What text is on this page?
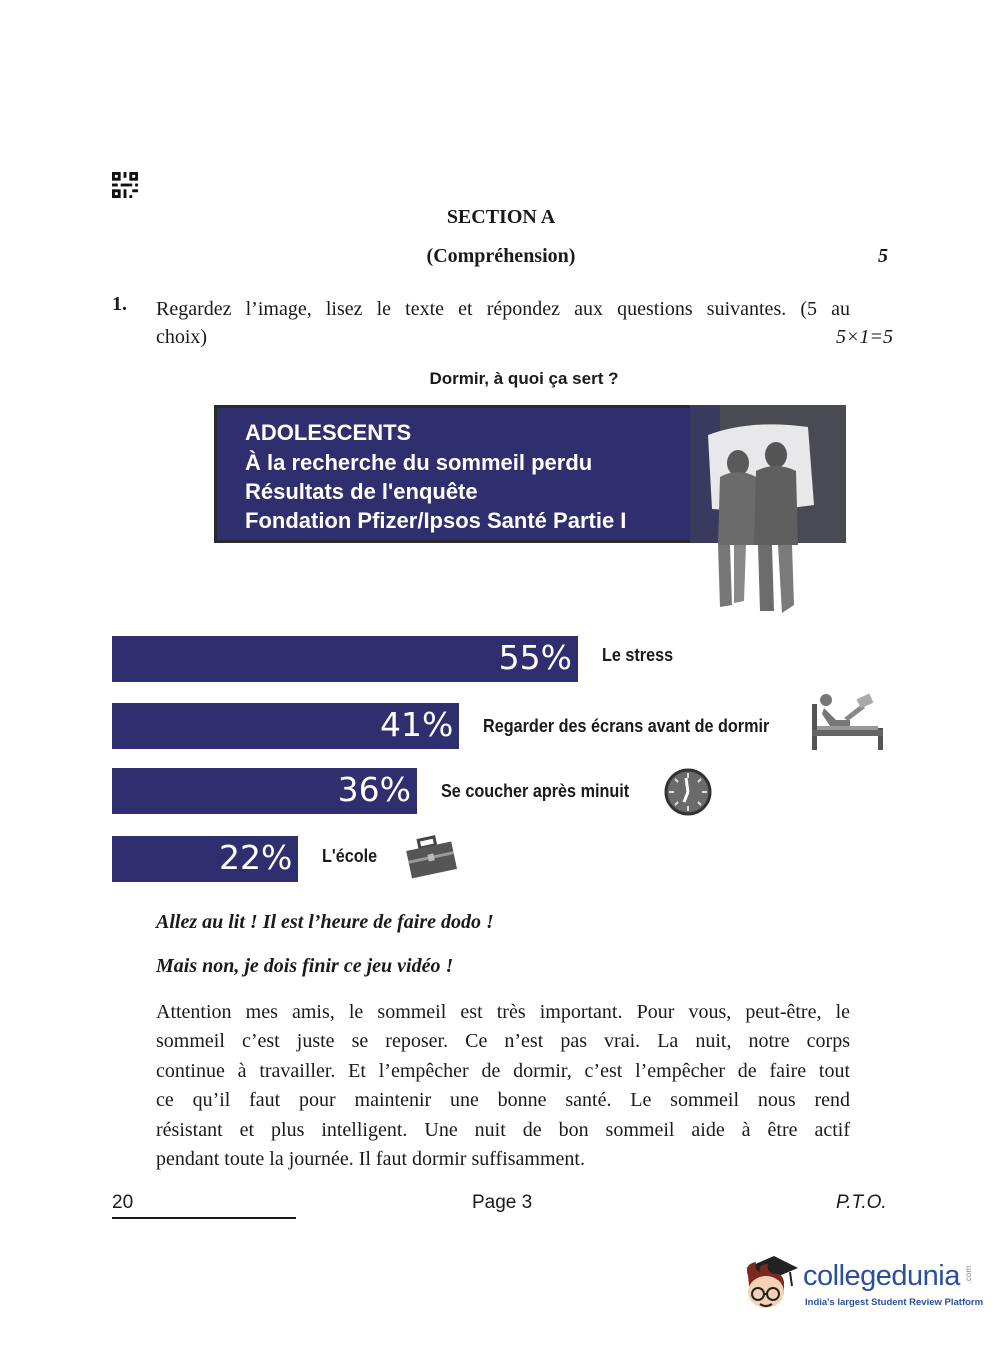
SECTION A
(Compréhension)	5
1. Regardez l’image, lisez le texte et répondez aux questions suivantes. (5 au
choix)	5×1=5
Dormir, à quoi ça sert ?
ADOLESCENTS
À la recherche du sommeil perdu
Résultats de l'enquête
Fondation Pfizer/Ipsos Santé Partie I
55% Le stress
41% Regarder des écrans avant de dormir
36% Se coucher après minuit
22% L'école
Allez au lit ! Il est l’heure de faire dodo !
Mais non, je dois finir ce jeu vidéo !
Attention mes amis, le sommeil est très important. Pour vous, peut-être, le
sommeil c’est juste se reposer. Ce n’est pas vrai. La nuit, notre corps
continue à travailler. Et l’empêcher de dormir, c’est l’empêcher de faire tout
ce qu’il faut pour maintenir une bonne santé. Le sommeil nous rend
résistant et plus intelligent. Une nuit de bon sommeil aide à être actif
pendant toute la journée. Il faut dormir suffisamment.
20	Page 3	P.T.O.
collegedunia .com
India's largest Student Review Platform
